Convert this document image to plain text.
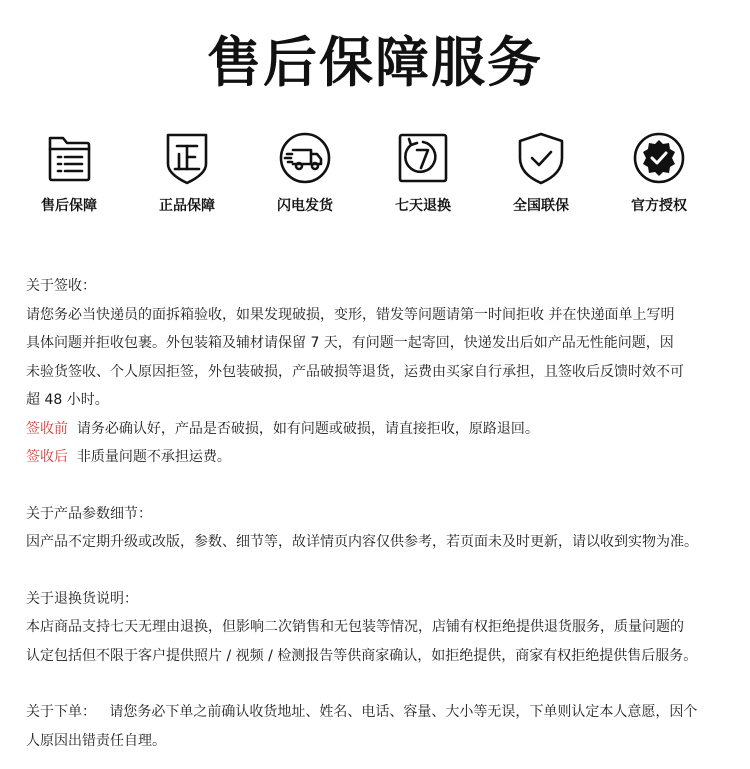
售后保障服务
售后保障	正品保障	闪电发货	七天退换	全国联保	官方授权

关于签收：

请您务必当快递员的面拆箱验收，如果发现破损，变形，错发等问题请第一时间拒收 并在快递面单上写明

具体问题并拒收包裹。外包装箱及辅材请保留 7 天，有问题一起寄回，快递发出后如产品无性能问题，因

未验货签收、个人原因拒签，外包装破损，产品破损等退货，运费由买家自行承担，且签收后反馈时效不可

超 48 小时。

签收前 请务必确认好，产品是否破损，如有问题或破损，请直接拒收，原路退回。

签收后 非质量问题不承担运费。

关于产品参数细节：

因产品不定期升级或改版，参数、细节等，故详情页内容仅供参考，若页面未及时更新，请以收到实物为准。

关于退换货说明：

本店商品支持七天无理由退换，但影响二次销售和无包装等情况，店铺有权拒绝提供退货服务，质量问题的

认定包括但不限于客户提供照片 / 视频 / 检测报告等供商家确认，如拒绝提供，商家有权拒绝提供售后服务。

关于下单： 请您务必下单之前确认收货地址、姓名、电话、容量、大小等无误，下单则认定本人意愿，因个

人原因出错责任自理。
